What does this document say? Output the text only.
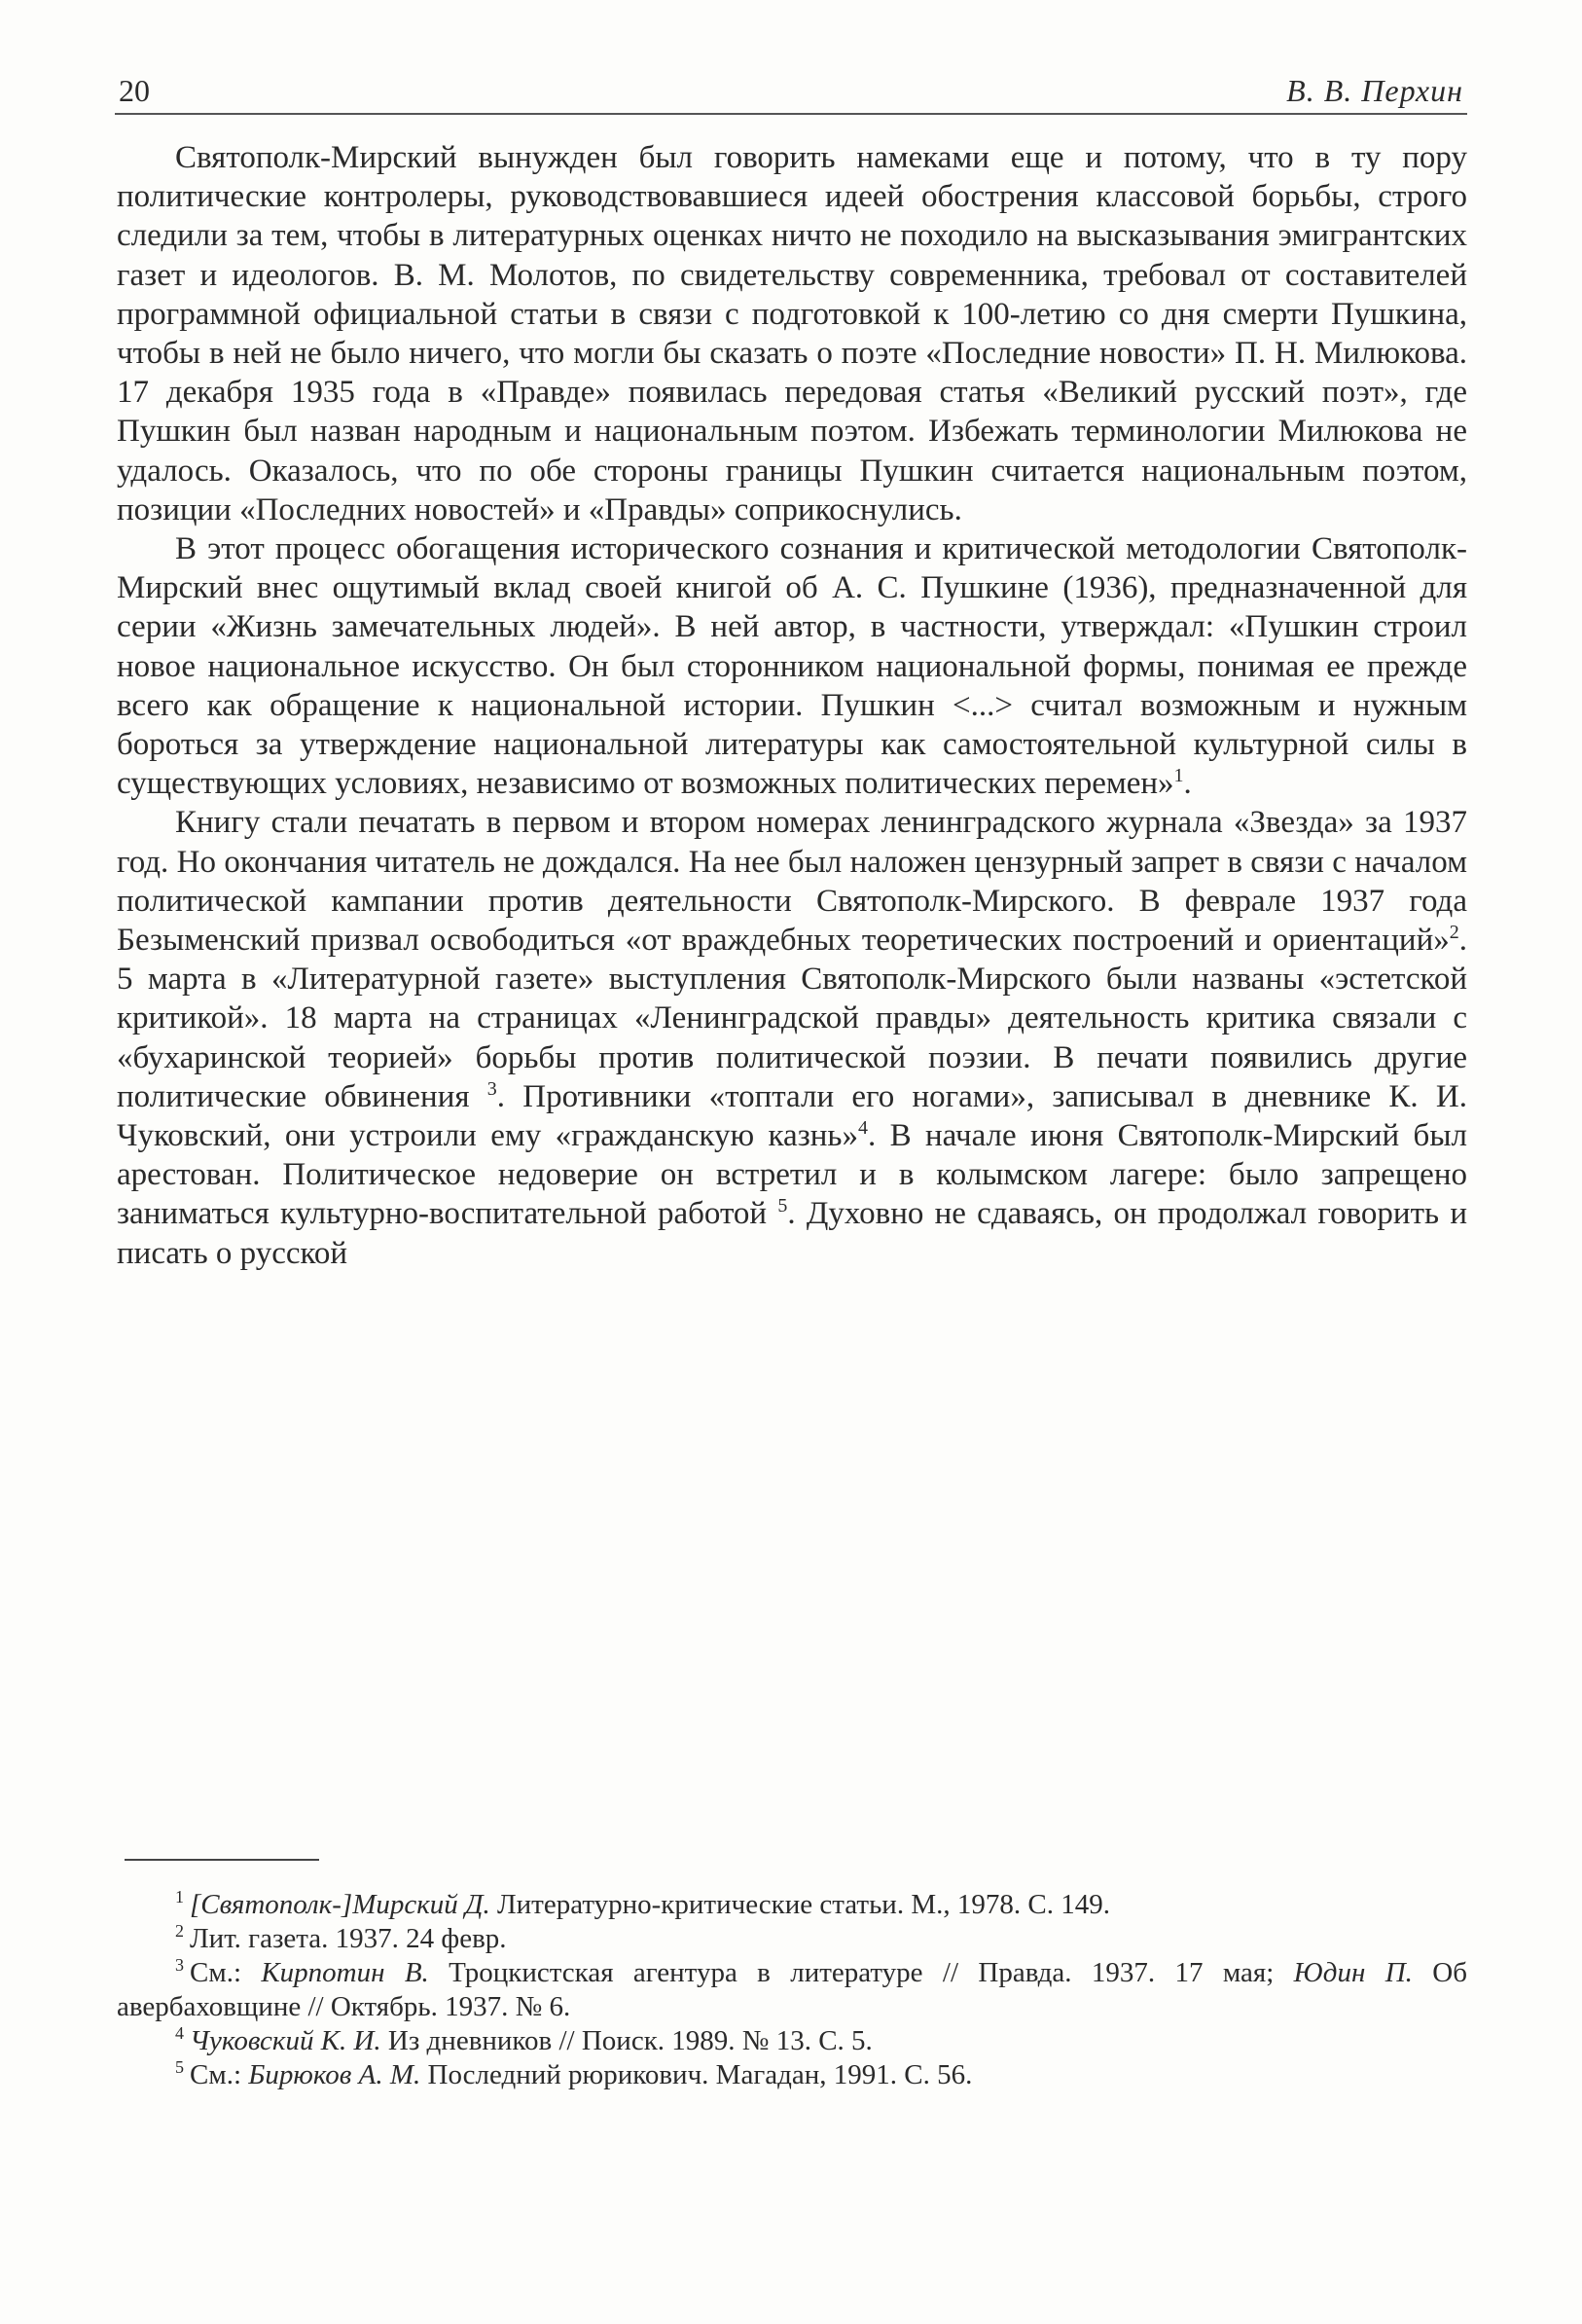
20	В. В. Перхин

Святополк-Мирский вынужден был говорить намеками еще и потому, что в ту пору политические контролеры, руководствовавшиеся идеей обострения классовой борьбы, строго следили за тем, чтобы в литературных оценках ничто не походило на высказывания эмигрантских газет и идеологов. В. М. Молотов, по свидетельству современника, требовал от составителей программной официальной статьи в связи с подготовкой к 100-летию со дня смерти Пушкина, чтобы в ней не было ничего, что могли бы сказать о поэте «Последние новости» П. Н. Милюкова. 17 декабря 1935 года в «Правде» появилась передовая статья «Великий русский поэт», где Пушкин был назван народным и национальным поэтом. Избежать терминологии Милюкова не удалось. Оказалось, что по обе стороны границы Пушкин считается национальным поэтом, позиции «Последних новостей» и «Правды» соприкоснулись.

В этот процесс обогащения исторического сознания и критической методологии Святополк-Мирский внес ощутимый вклад своей книгой об А. С. Пушкине (1936), предназначенной для серии «Жизнь замечательных людей». В ней автор, в частности, утверждал: «Пушкин строил новое национальное искусство. Он был сторонником национальной формы, понимая ее прежде всего как обращение к национальной истории. Пушкин <...> считал возможным и нужным бороться за утверждение национальной литературы как самостоятельной культурной силы в существующих условиях, независимо от возможных политических перемен»$^1$.

Книгу стали печатать в первом и втором номерах ленинградского журнала «Звезда» за 1937 год. Но окончания читатель не дождался. На нее был наложен цензурный запрет в связи с началом политической кампании против деятельности Святополк-Мирского. В феврале 1937 года Безыменский призвал освободиться «от враждебных теоретических построений и ориентаций»$^2$. 5 марта в «Литературной газете» выступления Святополк-Мирского были названы «эстетской критикой». 18 марта на страницах «Ленинградской правды» деятельность критика связали с «бухаринской теорией» борьбы против политической поэзии. В печати появились другие политические обвинения $^3$. Противники «топтали его ногами», записывал в дневнике К. И. Чуковский, они устроили ему «гражданскую казнь»$^4$. В начале июня Святополк-Мирский был арестован. Политическое недоверие он встретил и в колымском лагере: было запрещено заниматься культурно-воспитательной работой $^5$. Духовно не сдаваясь, он продолжал говорить и писать о русской

$^1$ [Святополк-]Мирский Д. Литературно-критические статьи. М., 1978. С. 149.

$^2$ Лит. газета. 1937. 24 февр.

$^3$ См.: Кирпотин В. Троцкистская агентура в литературе // Правда. 1937. 17 мая; Юдин П. Об авербаховщине // Октябрь. 1937. № 6.

$^4$ Чуковский К. И. Из дневников // Поиск. 1989. № 13. С. 5.

$^5$ См.: Бирюков А. М. Последний рюрикович. Магадан, 1991. С. 56.
